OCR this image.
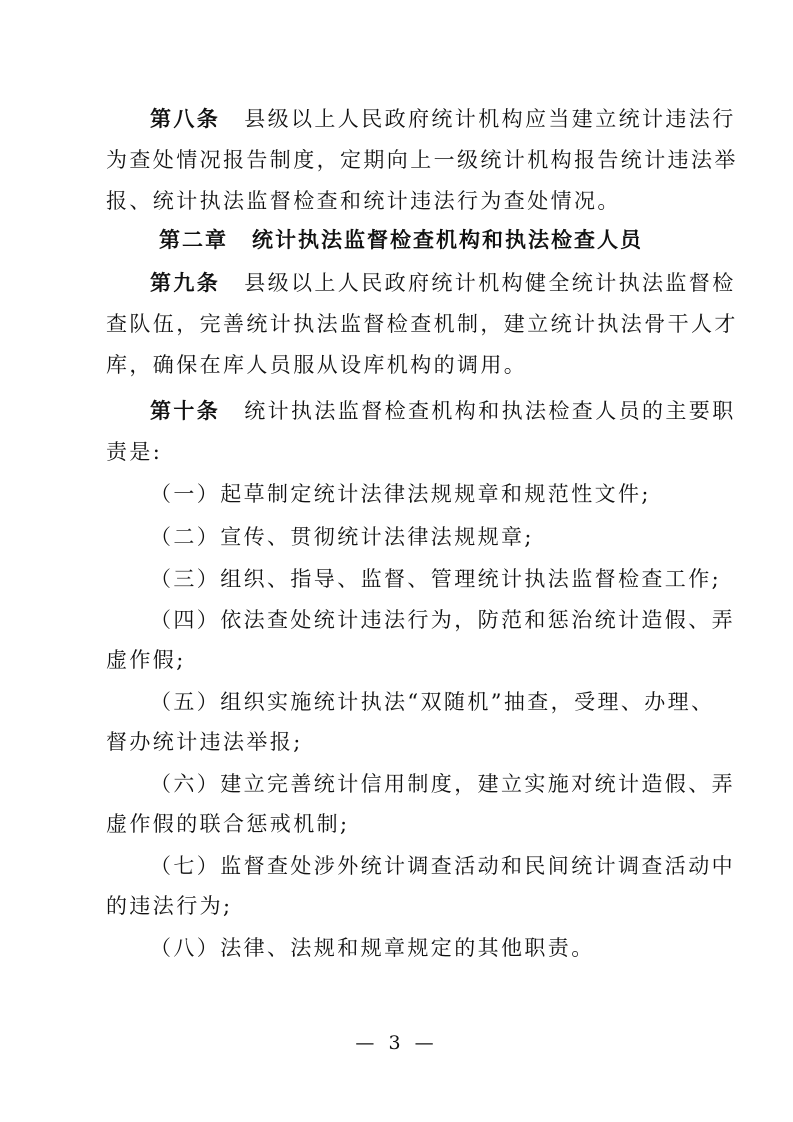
第八条 县级以上人民政府统计机构应当建立统计违法行
为查处情况报告制度，定期向上一级统计机构报告统计违法举
报、统计执法监督检查和统计违法行为查处情况。
第二章 统计执法监督检查机构和执法检查人员
第九条 县级以上人民政府统计机构健全统计执法监督检
查队伍，完善统计执法监督检查机制，建立统计执法骨干人才
库，确保在库人员服从设库机构的调用。
第十条 统计执法监督检查机构和执法检查人员的主要职
责是:
（一）起草制定统计法律法规规章和规范性文件;
（二）宣传、贯彻统计法律法规规章;
（三）组织、指导、监督、管理统计执法监督检查工作;
（四）依法查处统计违法行为，防范和惩治统计造假、弄
虚作假;
（五）组织实施统计执法“双随机”抽查，受理、办理、
督办统计违法举报;
（六）建立完善统计信用制度，建立实施对统计造假、弄
虚作假的联合惩戒机制;
（七）监督查处涉外统计调查活动和民间统计调查活动中
的违法行为;
（八）法律、法规和规章规定的其他职责。
— 3 —
